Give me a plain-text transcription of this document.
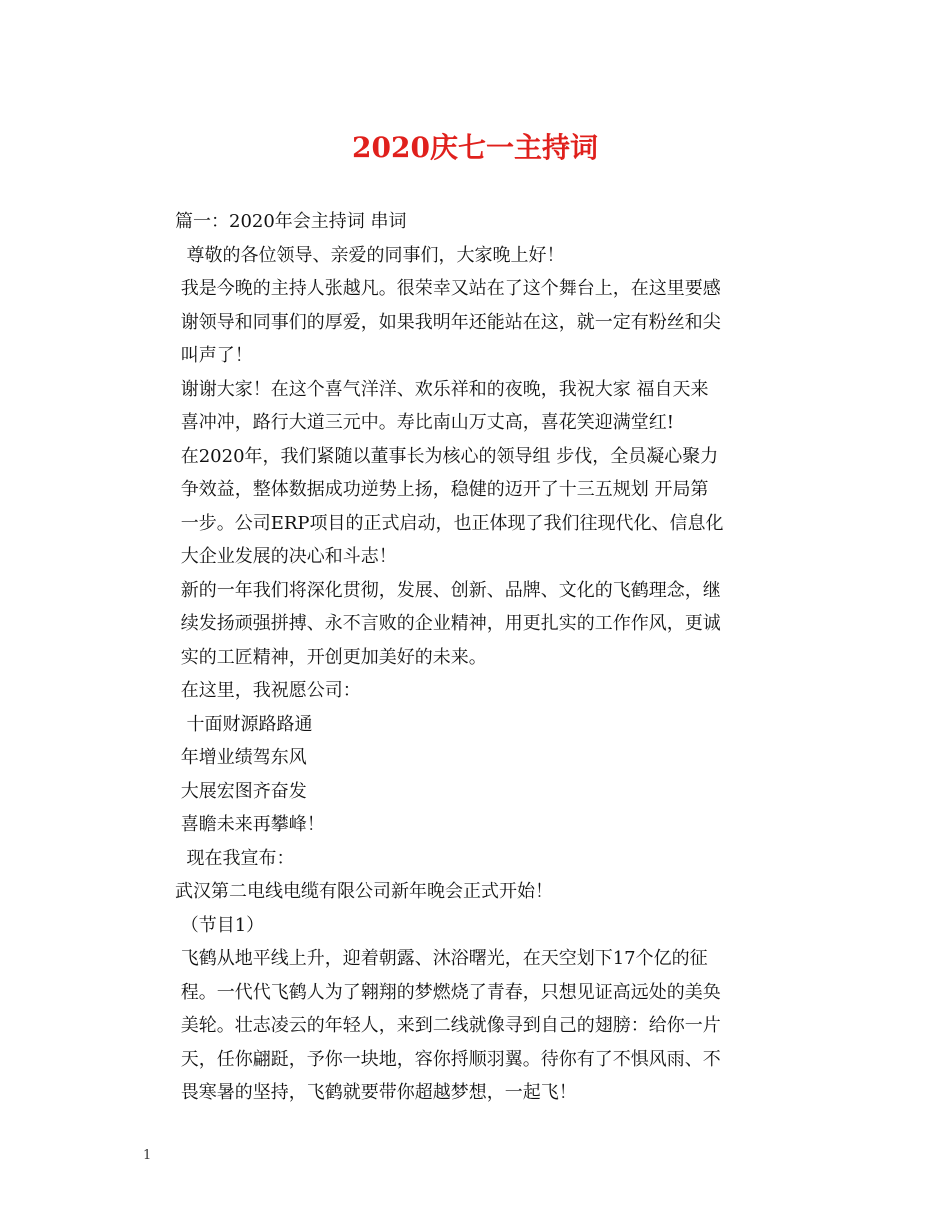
2020庆七一主持词
篇一：2020年会主持词 串词
尊敬的各位领导、亲爱的同事们，大家晚上好！
我是今晚的主持人张越凡。很荣幸又站在了这个舞台上，在这里要感
谢领导和同事们的厚爱，如果我明年还能站在这，就一定有粉丝和尖
叫声了！
谢谢大家！在这个喜气洋洋、欢乐祥和的夜晚，我祝大家 福自天来
喜冲冲，路行大道三元中。寿比南山万丈高，喜花笑迎满堂红!
在2020年，我们紧随以董事长为核心的领导组 步伐，全员凝心聚力
争效益，整体数据成功逆势上扬，稳健的迈开了十三五规划 开局第
一步。公司ERP项目的正式启动，也正体现了我们往现代化、信息化
大企业发展的决心和斗志！
新的一年我们将深化贯彻，发展、创新、品牌、文化的飞鹤理念，继
续发扬顽强拼搏、永不言败的企业精神，用更扎实的工作作风，更诚
实的工匠精神，开创更加美好的未来。
在这里，我祝愿公司：
十面财源路路通
年增业绩驾东风
大展宏图齐奋发
喜瞻未来再攀峰！
现在我宣布：
武汉第二电线电缆有限公司新年晚会正式开始！
（节目1）
飞鹤从地平线上升，迎着朝露、沐浴曙光，在天空划下17个亿的征
程。一代代飞鹤人为了翱翔的梦燃烧了青春，只想见证高远处的美奂
美轮。壮志凌云的年轻人，来到二线就像寻到自己的翅膀：给你一片
天，任你翩跹，予你一块地，容你捋顺羽翼。待你有了不惧风雨、不
畏寒暑的坚持，飞鹤就要带你超越梦想，一起飞！
1
